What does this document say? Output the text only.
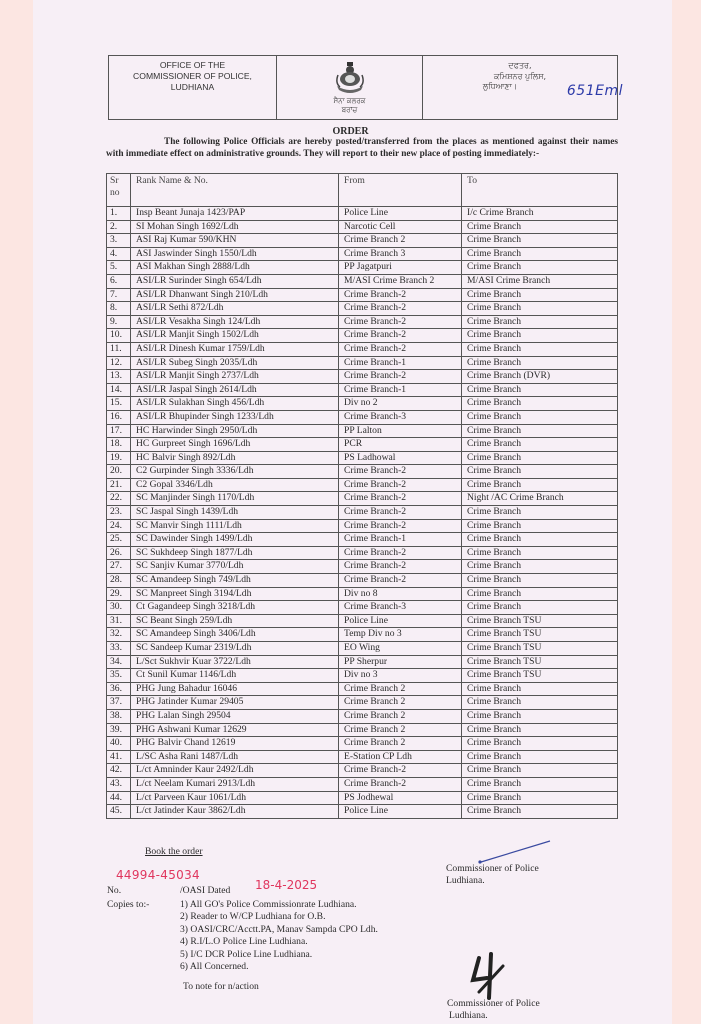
OFFICE OF THE
COMMISSIONER OF POLICE,
LUDHIANA
ਸੈਨਾ ਕਲਰਕ
ਬਰਾਂਚ
ਦਫਤਰ,
ਕਮਿਸ਼ਨਰ ਪੁਲਿਸ,
ਲੁਧਿਆਣਾ।	651Eml
ORDER
The following Police Officials are hereby posted/transferred from the places as mentioned against their names with immediate effect on administrative grounds. They will report to their new place of posting immediately:-
Sr no	Rank Name & No.	From	To
1.	Insp Beant Junaja 1423/PAP	Police Line	I/c Crime Branch
2.	SI Mohan Singh 1692/Ldh	Narcotic Cell	Crime Branch
3.	ASI Raj Kumar 590/KHN	Crime Branch 2	Crime Branch
4.	ASI Jaswinder Singh 1550/Ldh	Crime Branch 3	Crime Branch
5.	ASI Makhan Singh 2888/Ldh	PP Jagatpuri	Crime Branch
6.	ASI/LR Surinder Singh 654/Ldh	M/ASI Crime Branch 2	M/ASI Crime Branch
7.	ASI/LR Dhanwant Singh 210/Ldh	Crime Branch-2	Crime Branch
8.	ASI/LR Sethi 872/Ldh	Crime Branch-2	Crime Branch
9.	ASI/LR Vesakha Singh 124/Ldh	Crime Branch-2	Crime Branch
10.	ASI/LR Manjit Singh 1502/Ldh	Crime Branch-2	Crime Branch
11.	ASI/LR Dinesh Kumar 1759/Ldh	Crime Branch-2	Crime Branch
12.	ASI/LR Subeg Singh 2035/Ldh	Crime Branch-1	Crime Branch
13.	ASI/LR Manjit Singh 2737/Ldh	Crime Branch-2	Crime Branch (DVR)
14.	ASI/LR Jaspal Singh 2614/Ldh	Crime Branch-1	Crime Branch
15.	ASI/LR Sulakhan Singh 456/Ldh	Div no 2	Crime Branch
16.	ASI/LR Bhupinder Singh 1233/Ldh	Crime Branch-3	Crime Branch
17.	HC Harwinder Singh 2950/Ldh	PP Lalton	Crime Branch
18.	HC Gurpreet Singh 1696/Ldh	PCR	Crime Branch
19.	HC Balvir Singh 892/Ldh	PS Ladhowal	Crime Branch
20.	C2 Gurpinder Singh 3336/Ldh	Crime Branch-2	Crime Branch
21.	C2 Gopal 3346/Ldh	Crime Branch-2	Crime Branch
22.	SC Manjinder Singh 1170/Ldh	Crime Branch-2	Night /AC Crime Branch
23.	SC Jaspal Singh 1439/Ldh	Crime Branch-2	Crime Branch
24.	SC Manvir Singh 1111/Ldh	Crime Branch-2	Crime Branch
25.	SC Dawinder Singh 1499/Ldh	Crime Branch-1	Crime Branch
26.	SC Sukhdeep Singh 1877/Ldh	Crime Branch-2	Crime Branch
27.	SC Sanjiv Kumar 3770/Ldh	Crime Branch-2	Crime Branch
28.	SC Amandeep Singh 749/Ldh	Crime Branch-2	Crime Branch
29.	SC Manpreet Singh 3194/Ldh	Div no 8	Crime Branch
30.	Ct Gagandeep Singh 3218/Ldh	Crime Branch-3	Crime Branch
31.	SC Beant Singh 259/Ldh	Police Line	Crime Branch TSU
32.	SC Amandeep Singh 3406/Ldh	Temp Div no 3	Crime Branch TSU
33.	SC Sandeep Kumar 2319/Ldh	EO Wing	Crime Branch TSU
34.	L/Sct Sukhvir Kuar 3722/Ldh	PP Sherpur	Crime Branch TSU
35.	Ct Sunil Kumar 1146/Ldh	Div no 3	Crime Branch TSU
36.	PHG Jung Bahadur 16046	Crime Branch 2	Crime Branch
37.	PHG Jatinder Kumar 29405	Crime Branch 2	Crime Branch
38.	PHG Lalan Singh 29504	Crime Branch 2	Crime Branch
39.	PHG Ashwani Kumar 12629	Crime Branch 2	Crime Branch
40.	PHG Balvir Chand 12619	Crime Branch 2	Crime Branch
41.	L/SC Asha Rani 1487/Ldh	E-Station CP Ldh	Crime Branch
42.	L/ct Amninder Kaur 2492/Ldh	Crime Branch-2	Crime Branch
43.	L/ct Neelam Kumari 2913/Ldh	Crime Branch-2	Crime Branch
44.	L/ct Parveen Kaur 1061/Ldh	PS Jodhewal	Crime Branch
45.	L/ct Jatinder Kaur 3862/Ldh	Police Line	Crime Branch
Book the order
Commissioner of Police
Ludhiana.
44994-45034
No.	/OASI Dated 18-4-2025
Copies to:-	1) All GO's Police Commissionrate Ludhiana.
2) Reader to W/CP Ludhiana for O.B.
3) OASI/CRC/Acctt.PA, Manav Sampda CPO Ldh.
4) R.I/L.O Police Line Ludhiana.
5) I/C DCR Police Line Ludhiana.
6) All Concerned.
To note for n/action
Commissioner of Police
Ludhiana.
